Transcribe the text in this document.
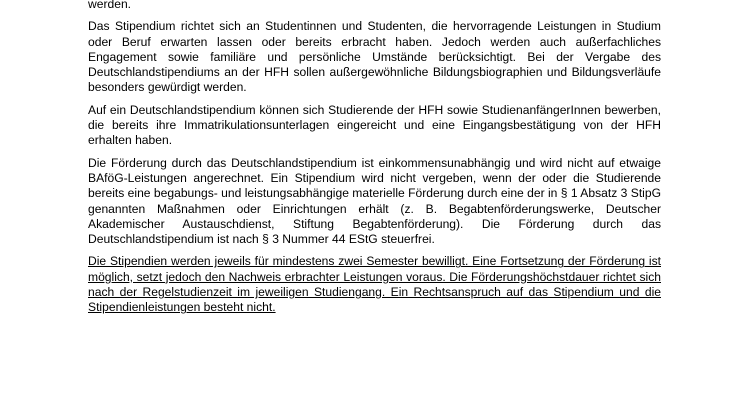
werden.

Das Stipendium richtet sich an Studentinnen und Studenten, die hervorragende Leistungen in Studium oder Beruf erwarten lassen oder bereits erbracht haben. Jedoch werden auch außerfachliches Engagement sowie familiäre und persönliche Umstände berücksichtigt. Bei der Vergabe des Deutschlandstipendiums an der HFH sollen außergewöhnliche Bildungsbiographien und Bildungsverläufe besonders gewürdigt werden.

Auf ein Deutschlandstipendium können sich Studierende der HFH sowie StudienanfängerInnen bewerben, die bereits ihre Immatrikulationsunterlagen eingereicht und eine Eingangsbestätigung von der HFH erhalten haben.

Die Förderung durch das Deutschlandstipendium ist einkommensunabhängig und wird nicht auf etwaige BAföG-Leistungen angerechnet. Ein Stipendium wird nicht vergeben, wenn der oder die Studierende bereits eine begabungs- und leistungsabhängige materielle Förderung durch eine der in § 1 Absatz 3 StipG genannten Maßnahmen oder Einrichtungen erhält (z. B. Begabtenförderungswerke, Deutscher Akademischer Austauschdienst, Stiftung Begabtenförderung). Die Förderung durch das Deutschlandstipendium ist nach § 3 Nummer 44 EStG steuerfrei.

Die Stipendien werden jeweils für mindestens zwei Semester bewilligt. Eine Fortsetzung der Förderung ist möglich, setzt jedoch den Nachweis erbrachter Leistungen voraus. Die Förderungshöchstdauer richtet sich nach der Regelstudienzeit im jeweiligen Studiengang. Ein Rechtsanspruch auf das Stipendium und die Stipendienleistungen besteht nicht.
